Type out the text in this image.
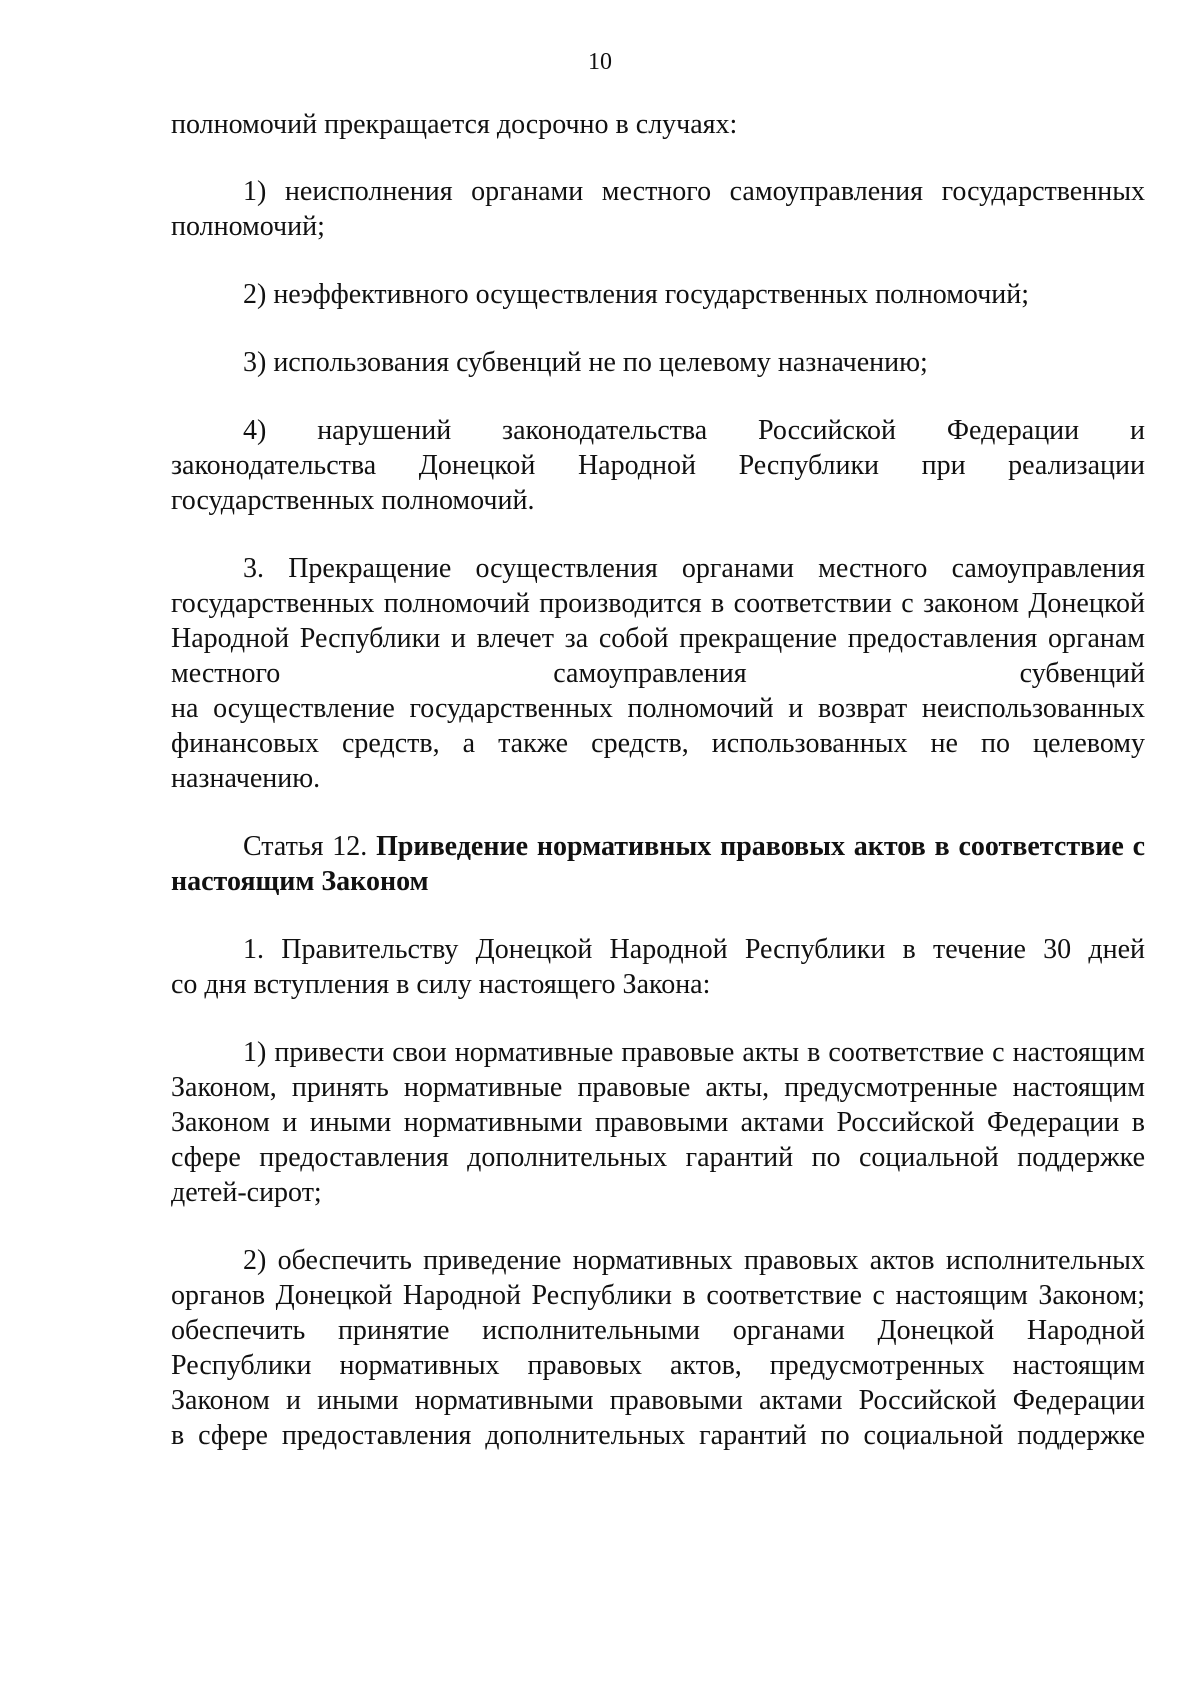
10
полномочий прекращается досрочно в случаях:
1) неисполнения органами местного самоуправления государственных
полномочий;
2) неэффективного осуществления государственных полномочий;
3) использования субвенций не по целевому назначению;
4) нарушений законодательства Российской Федерации и
законодательства Донецкой Народной Республики при реализации
государственных полномочий.
3. Прекращение осуществления органами местного самоуправления
государственных полномочий производится в соответствии с законом Донецкой
Народной Республики и влечет за собой прекращение предоставления органам
местного самоуправления субвенций
на осуществление государственных полномочий и возврат неиспользованных
финансовых средств, а также средств, использованных не по целевому
назначению.
Статья 12. Приведение нормативных правовых актов в соответствие с
настоящим Законом
1. Правительству Донецкой Народной Республики в течение 30 дней
со дня вступления в силу настоящего Закона:
1) привести свои нормативные правовые акты в соответствие с настоящим
Законом, принять нормативные правовые акты, предусмотренные настоящим
Законом и иными нормативными правовыми актами Российской Федерации в
сфере предоставления дополнительных гарантий по социальной поддержке
детей-сирот;
2) обеспечить приведение нормативных правовых актов исполнительных
органов Донецкой Народной Республики в соответствие с настоящим Законом;
обеспечить принятие исполнительными органами Донецкой Народной
Республики нормативных правовых актов, предусмотренных настоящим
Законом и иными нормативными правовыми актами Российской Федерации
в сфере предоставления дополнительных гарантий по социальной поддержке
